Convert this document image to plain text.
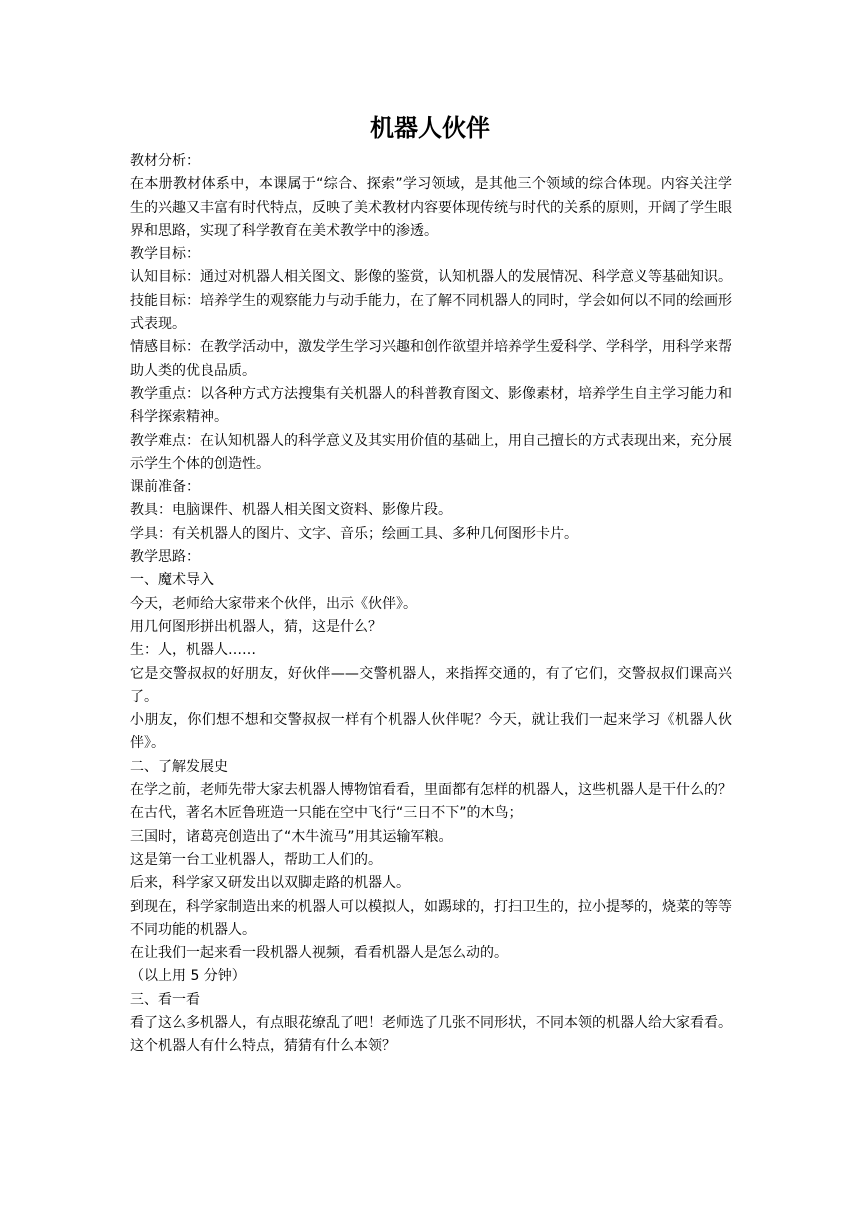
机器人伙伴

教材分析：

在本册教材体系中，本课属于“综合、探索”学习领域，是其他三个领域的综合体现。内容关注学生的兴趣又丰富有时代特点，反映了美术教材内容要体现传统与时代的关系的原则，开阔了学生眼界和思路，实现了科学教育在美术教学中的渗透。

教学目标：

认知目标：通过对机器人相关图文、影像的鉴赏，认知机器人的发展情况、科学意义等基础知识。

技能目标：培养学生的观察能力与动手能力，在了解不同机器人的同时，学会如何以不同的绘画形式表现。

情感目标：在教学活动中，激发学生学习兴趣和创作欲望并培养学生爱科学、学科学，用科学来帮助人类的优良品质。

教学重点：以各种方式方法搜集有关机器人的科普教育图文、影像素材，培养学生自主学习能力和科学探索精神。

教学难点：在认知机器人的科学意义及其实用价值的基础上，用自己擅长的方式表现出来，充分展示学生个体的创造性。

课前准备：

教具：电脑课件、机器人相关图文资料、影像片段。

学具：有关机器人的图片、文字、音乐；绘画工具、多种几何图形卡片。

教学思路：

一、魔术导入

今天，老师给大家带来个伙伴，出示《伙伴》。

用几何图形拼出机器人，猜，这是什么？

生：人，机器人……

它是交警叔叔的好朋友，好伙伴——交警机器人，来指挥交通的，有了它们，交警叔叔们课高兴了。

小朋友，你们想不想和交警叔叔一样有个机器人伙伴呢？今天，就让我们一起来学习《机器人伙伴》。

二、了解发展史

在学之前，老师先带大家去机器人博物馆看看，里面都有怎样的机器人，这些机器人是干什么的？

在古代，著名木匠鲁班造一只能在空中飞行“三日不下”的木鸟；

三国时，诸葛亮创造出了“木牛流马”用其运输军粮。

这是第一台工业机器人，帮助工人们的。

后来，科学家又研发出以双脚走路的机器人。

到现在，科学家制造出来的机器人可以模拟人，如踢球的，打扫卫生的，拉小提琴的，烧菜的等等不同功能的机器人。

在让我们一起来看一段机器人视频，看看机器人是怎么动的。

（以上用 5 分钟）

三、看一看

看了这么多机器人，有点眼花缭乱了吧！老师选了几张不同形状，不同本领的机器人给大家看看。

这个机器人有什么特点，猜猜有什么本领？
